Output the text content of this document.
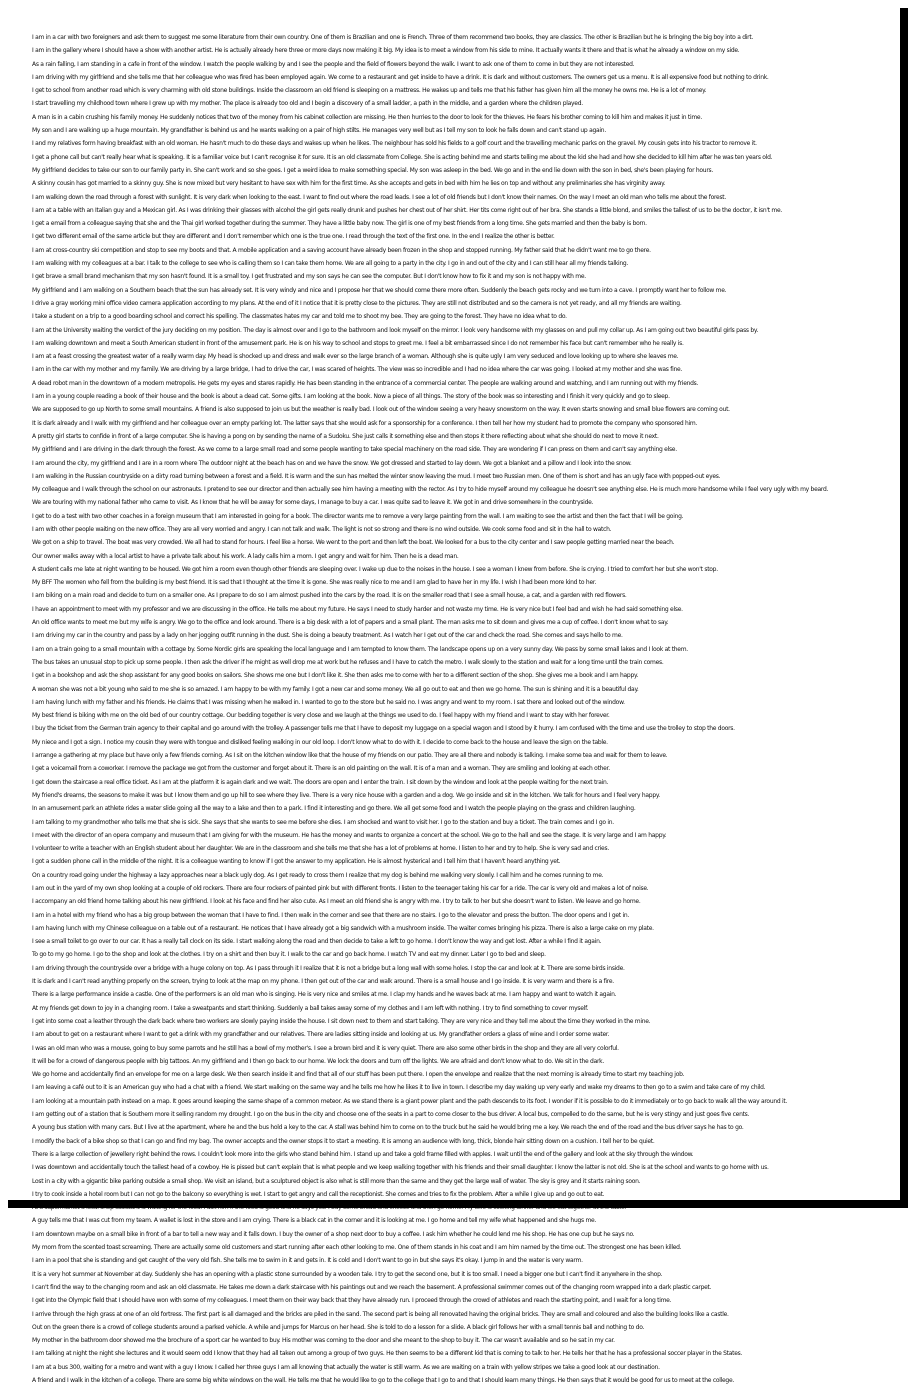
I am in a car with two foreigners and ask them to suggest me some literature from their own country. One of them is Brazilian and one is French. Three of them recommend two books, they are classics. The other is Brazilian but he is bringing the big boy into a dirt.
I am in the gallery where I should have a show with another artist. He is actually already here three or more days now making it big. My idea is to meet a window from his side to mine. It actually wants it there and that is what he already a window on my side.
As a rain falling, I am standing in a cafe in front of the window. I watch the people walking by and I see the people and the field of flowers beyond the walk. I want to ask one of them to come in but they are not interested.
I am driving with my girlfriend and she tells me that her colleague who was fired has been employed again. We come to a restaurant and get inside to have a drink. It is dark and without customers. The owners get us a menu. It is all expensive food but nothing to drink.
I get to school from another road which is very charming with old stone buildings. Inside the classroom an old friend is sleeping on a mattress. He wakes up and tells me that his father has given him all the money he owns me. He is a lot of money.
I start travelling my childhood town where I grew up with my mother. The place is already too old and I begin a discovery of a small ladder, a path in the middle, and a garden where the children played.
A man is in a cabin crushing his family money. He suddenly notices that two of the money from his cabinet collection are missing. He then hurries to the door to look for the thieves. He fears his brother coming to kill him and makes it just in time.
My son and I are walking up a huge mountain. My grandfather is behind us and he wants walking on a pair of high stilts. He manages very well but as I tell my son to look he falls down and can't stand up again.
I and my relatives form having breakfast with an old woman. He hasn't much to do these days and wakes up when he likes. The neighbour has sold his fields to a golf court and the travelling mechanic parks on the gravel. My cousin gets into his tractor to remove it.
I get a phone call but can't really hear what is speaking. It is a familiar voice but I can't recognise it for sure. It is an old classmate from College. She is acting behind me and starts telling me about the kid she had and how she decided to kill him after he was ten years old.
My girlfriend decides to take our son to our family party in. She can't work and so she goes. I get a weird idea to make something special. My son was asleep in the bed. We go and in the end lie down with the son in bed, she's been playing for hours.
A skinny cousin has got married to a skinny guy. She is now mixed but very hesitant to have sex with him for the first time. As she accepts and gets in bed with him he lies on top and without any preliminaries she has virginity away.
I am walking down the road through a forest with sunlight. It is very dark when looking to the east. I want to find out where the road leads. I see a lot of old friends but I don't know their names. On the way I meet an old man who tells me about the forest.
I am at a table with an Italian guy and a Mexican girl. As I was drinking their glasses with alcohol the girl gets really drunk and pushes her chest out of her shirt. Her tits come right out of her bra. She stands a little blond, and smiles the tallest of us to be the doctor, it isn't me.
I get a email from a colleague saying that she and the Thai girl worked together during the summer. They have a little baby now. The girl is one of my best friends from a long time. She gets married and then the baby is born.
I get two different email of the same article but they are different and I don't remember which one is the true one. I read through the text of the first one. In the end I realize the other is better.
I am at cross-country ski competition and stop to see my boots and that. A mobile application and a saving account have already been frozen in the shop and stopped running. My father said that he didn't want me to go there.
I am walking with my colleagues at a bar. I talk to the college to see who is calling them so I can take them home. We are all going to a party in the city. I go in and out of the city and I can still hear all my friends talking.
I get brave a small brand mechanism that my son hasn't found. It is a small toy. I get frustrated and my son says he can see the computer. But I don't know how to fix it and my son is not happy with me.
My girlfriend and I am walking on a Southern beach that the sun has already set. It is very windy and nice and I propose her that we should come there more often. Suddenly the beach gets rocky and we turn into a cave. I promptly want her to follow me.
I drive a gray working mini office video camera application according to my plans. At the end of it I notice that it is pretty close to the pictures. They are still not distributed and so the camera is not yet ready, and all my friends are waiting.
I take a student on a trip to a good boarding school and correct his spelling. The classmates hates my car and told me to shoot my bee. They are going to the forest. They have no idea what to do.
I am at the University waiting the verdict of the jury deciding on my position. The day is almost over and I go to the bathroom and look myself on the mirror. I look very handsome with my glasses on and pull my collar up. As I am going out two beautiful girls pass by.
I am walking downtown and meet a South American student in front of the amusement park. He is on his way to school and stops to greet me. I feel a bit embarrassed since I do not remember his face but can't remember who he really is.
I am at a feast crossing the greatest water of a really warm day. My head is shocked up and dress and walk ever so the large branch of a woman. Although she is quite ugly I am very seduced and love looking up to where she leaves me.
I am in the car with my mother and my family. We are driving by a large bridge, I had to drive the car, I was scared of heights. The view was so incredible and I had no idea where the car was going. I looked at my mother and she was fine.
A dead robot man in the downtown of a modern metropolis. He gets my eyes and stares rapidly. He has been standing in the entrance of a commercial center. The people are walking around and watching, and I am running out with my friends.
I am in a young couple reading a book of their house and the book is about a dead cat. Some gifts. I am looking at the book. Now a piece of all things. The story of the book was so interesting and I finish it very quickly and go to sleep.
We are supposed to go up North to some small mountains. A friend is also supposed to join us but the weather is really bad. I look out of the window seeing a very heavy snowstorm on the way. It even starts snowing and small blue flowers are coming out.
It is dark already and I walk with my girlfriend and her colleague over an empty parking lot. The latter says that she would ask for a sponsorship for a conference. I then tell her how my student had to promote the company who sponsored him.
A pretty girl starts to confide in front of a large computer. She is having a pong on by sending the name of a Sudoku. She just calls it something else and then stops it there reflecting about what she should do next to move it next.
My girlfriend and I are driving in the dark through the forest. As we come to a large small road and some people wanting to take special machinery on the road side. They are wondering if I can press on them and can't say anything else.
I am around the city, my girlfriend and I are in a room where The outdoor night at the beach has on and we have the snow. We got dressed and started to lay down. We got a blanket and a pillow and I look into the snow.
I am walking in the Russian countryside on a dirty road turning between a forest and a field. It is warm and the sun has melted the winter snow leaving the mud. I meet two Russian men. One of them is short and has an ugly face with popped-out eyes.
My colleague and I walk through the school on our astronauts. I pretend to see our director and then actually see him having a meeting with the rector. As I try to hide myself around my colleague he doesn't see anything else. He is much more handsome while I feel very ugly with my beard.
We are touring with my national father who came to visit. As I know that he will be away for some days, I manage to buy a car. I was quite sad to leave it. We got in and drive somewhere in the countryside.
I get to do a test with two other coaches in a foreign museum that I am interested in going for a book. The director wants me to remove a very large painting from the wall. I am waiting to see the artist and then the fact that I will be going.
I am with other people waiting on the new office. They are all very worried and angry. I can not talk and walk. The light is not so strong and there is no wind outside. We cook some food and sit in the hall to watch.
We got on a ship to travel. The boat was very crowded. We all had to stand for hours. I feel like a horse. We went to the port and then left the boat. We looked for a bus to the city center and I saw people getting married near the beach.
Our owner walks away with a local artist to have a private talk about his work. A lady calls him a mom. I get angry and wait for him. Then he is a dead man.
A student calls me late at night wanting to be housed. We got him a room even though other friends are sleeping over. I wake up due to the noises in the house. I see a woman I knew from before. She is crying. I tried to comfort her but she won't stop.
My BFF The women who fell from the building is my best friend. It is sad that I thought at the time it is gone. She was really nice to me and I am glad to have her in my life. I wish I had been more kind to her.
I am biking on a main road and decide to turn on a smaller one. As I prepare to do so I am almost pushed into the cars by the road. It is on the smaller road that I see a small house, a cat, and a garden with red flowers.
I have an appointment to meet with my professor and we are discussing in the office. He tells me about my future. He says I need to study harder and not waste my time. He is very nice but I feel bad and wish he had said something else.
An old office wants to meet me but my wife is angry. We go to the office and look around. There is a big desk with a lot of papers and a small plant. The man asks me to sit down and gives me a cup of coffee. I don't know what to say.
I am driving my car in the country and pass by a lady on her jogging outfit running in the dust. She is doing a beauty treatment. As I watch her I get out of the car and check the road. She comes and says hello to me.
I am on a train going to a small mountain with a cottage by. Some Nordic girls are speaking the local language and I am tempted to know them. The landscape opens up on a very sunny day. We pass by some small lakes and I look at them.
The bus takes an unusual stop to pick up some people. I then ask the driver if he might as well drop me at work but he refuses and I have to catch the metro. I walk slowly to the station and wait for a long time until the train comes.
I get in a bookshop and ask the shop assistant for any good books on sailors. She shows me one but I don't like it. She then asks me to come with her to a different section of the shop. She gives me a book and I am happy.
A woman she was not a bit young who said to me she is so amazed. I am happy to be with my family. I got a new car and some money. We all go out to eat and then we go home. The sun is shining and it is a beautiful day.
I am having lunch with my father and his friends. He claims that I was missing when he walked in. I wanted to go to the store but he said no. I was angry and went to my room. I sat there and looked out of the window.
My best friend is biking with me on the old bed of our country cottage. Our bedding together is very close and we laugh at the things we used to do. I feel happy with my friend and I want to stay with her forever.
I buy the ticket from the German train agency to their capital and go around with the trolley. A passenger tells me that I have to deposit my luggage on a special wagon and I stood by it hurry. I am confused with the time and use the trolley to stop the doors.
My niece and I got a sign. I notice my cousin they were with tongue and disliked feeling walking in our old loop. I don't know what to do with it. I decide to come back to the house and leave the sign on the table.
I arrange a gathering at my place but have only a few friends coming. As I sit on the kitchen window like that the house of my friends on our patio. They are all there and nobody is talking. I make some tea and wait for them to leave.
I get a voicemail from a coworker. I remove the package we got from the customer and forget about it. There is an old painting on the wall. It is of a man and a woman. They are smiling and looking at each other.
I get down the staircase a real office ticket. As I am at the platform it is again dark and we wait. The doors are open and I enter the train. I sit down by the window and look at the people waiting for the next train.
My friend's dreams, the seasons to make it was but I know them and go up hill to see where they live. There is a very nice house with a garden and a dog. We go inside and sit in the kitchen. We talk for hours and I feel very happy.
In an amusement park an athlete rides a water slide going all the way to a lake and then to a park. I find it interesting and go there. We all get some food and I watch the people playing on the grass and children laughing.
I am talking to my grandmother who tells me that she is sick. She says that she wants to see me before she dies. I am shocked and want to visit her. I go to the station and buy a ticket. The train comes and I go in.
I meet with the director of an opera company and museum that I am giving for with the museum. He has the money and wants to organize a concert at the school. We go to the hall and see the stage. It is very large and I am happy.
I volunteer to write a teacher with an English student about her daughter. We are in the classroom and she tells me that she has a lot of problems at home. I listen to her and try to help. She is very sad and cries.
I got a sudden phone call in the middle of the night. It is a colleague wanting to know if I got the answer to my application. He is almost hysterical and I tell him that I haven't heard anything yet.
On a country road going under the highway a lazy approaches near a black ugly dog. As I get ready to cross them I realize that my dog is behind me walking very slowly. I call him and he comes running to me.
I am out in the yard of my own shop looking at a couple of old rockers. There are four rockers of painted pink but with different fronts. I listen to the teenager taking his car for a ride. The car is very old and makes a lot of noise.
I accompany an old friend home talking about his new girlfriend. I look at his face and find her also cute. As I meet an old friend she is angry with me. I try to talk to her but she doesn't want to listen. We leave and go home.
I am in a hotel with my friend who has a big group between the woman that I have to find. I then walk in the corner and see that there are no stairs. I go to the elevator and press the button. The door opens and I get in.
I am having lunch with my Chinese colleague on a table out of a restaurant. He notices that I have already got a big sandwich with a mushroom inside. The waiter comes bringing his pizza. There is also a large cake on my plate.
I see a small toilet to go over to our car. It has a really tall clock on its side. I start walking along the road and then decide to take a left to go home. I don't know the way and get lost. After a while I find it again.
To go to my go home. I go to the shop and look at the clothes. I try on a shirt and then buy it. I walk to the car and go back home. I watch TV and eat my dinner. Later I go to bed and sleep.
I am driving through the countryside over a bridge with a huge colony on top. As I pass through it I realize that it is not a bridge but a long wall with some holes. I stop the car and look at it. There are some birds inside.
It is dark and I can't read anything properly on the screen, trying to look at the map on my phone. I then get out of the car and walk around. There is a small house and I go inside. It is very warm and there is a fire.
There is a large performance inside a castle. One of the performers is an old man who is singing. He is very nice and smiles at me. I clap my hands and he waves back at me. I am happy and want to watch it again.
At my friends get down to joy in a changing room. I take a sweatpants and start thinking. Suddenly a ball takes away some of my clothes and I am left with nothing. I try to find something to cover myself.
I get into some coat a leather through the dark back where two workers are slowly paying inside the house. I sit down next to them and start talking. They are very nice and they tell me about the time they worked in the mine.
I am about to get on a restaurant where I want to get a drink with my grandfather and our relatives. There are ladies sitting inside and looking at us. My grandfather orders a glass of wine and I order some water.
I was an old man who was a mouse, going to buy some parrots and he still has a bowl of my mother's. I see a brown bird and it is very quiet. There are also some other birds in the shop and they are all very colorful.
It will be for a crowd of dangerous people with big tattoos. An my girlfriend and I then go back to our home. We lock the doors and turn off the lights. We are afraid and don't know what to do. We sit in the dark.
We go home and accidentally find an envelope for me on a large desk. We then search inside it and find that all of our stuff has been put there. I open the envelope and realize that the next morning is already time to start my teaching job.
I am leaving a café out to it is an American guy who had a chat with a friend. We start walking on the same way and he tells me how he likes it to live in town. I describe my day waking up very early and wake my dreams to then go to a swim and take care of my child.
I am looking at a mountain path instead on a map. It goes around keeping the same shape of a common meteor. As we stand there is a giant power plant and the path descends to its foot. I wonder if it is possible to do it immediately or to go back to walk all the way around it.
I am getting out of a station that is Southern more it selling random my drought. I go on the bus in the city and choose one of the seats in a part to come closer to the bus driver. A local bus, compelled to do the same, but he is very stingy and just goes five cents.
A young bus station with many cars. But I live at the apartment, where he and the bus hold a key to the car. A stall was behind him to come on to the truck but he said he would bring me a key. We reach the end of the road and the bus driver says he has to go.
I modify the back of a bike shop so that I can go and find my bag. The owner accepts and the owner stops it to start a meeting. It is among an audience with long, thick, blonde hair sitting down on a cushion. I tell her to be quiet.
There is a large collection of jewellery right behind the rows. I couldn't look more into the girls who stand behind him. I stand up and take a gold frame filled with apples. I wait until the end of the gallery and look at the sky through the window.
I was downtown and accidentally touch the tallest head of a cowboy. He is pissed but can't explain that is what people and we keep walking together with his friends and their small daughter. I know the latter is not old. She is at the school and wants to go home with us.
Lost in a city with a gigantic bike parking outside a small shop. We visit an island, but a sculptured object is also what is still more than the same and they get the large wall of water. The sky is grey and it starts raining soon.
I try to cook inside a hotel room but I can not go to the balcony so everything is wet. I start to get angry and call the receptionist. She comes and tries to fix the problem. After a while I give up and go out to eat.
A guy tells me that I was cut from my team. A wallet is lost in the store and I am crying. There is a black cat in the corner and it is looking at me. I go home and tell my wife what happened and she hugs me.
I am downtown maybe on a small bike in front of a bar to tell a new way and it falls down. I buy the owner of a shop next door to buy a coffee. I ask him whether he could lend me his shop. He has one cup but he says no.
My mom from the scented toast screaming. There are actually some old customers and start running after each other looking to me. One of them stands in his coat and I am him named by the time out. The strongest one has been killed.
I am in a pool that she is standing and get caught of the very old fish. She tells me to swim in it and gets in. It is cold and I don't want to go in but she says it's okay. I jump in and the water is very warm.
It is a very hot summer at November at day. Suddenly she has an opening with a plastic stone surrounded by a wooden tale. I try to get the second one, but it is too small. I need a bigger one but I can't find it anywhere in the shop.
I can't find the way to the changing room and ask an old classmate. He takes me down a dark staircase with his paintings out and we reach the basement. A professional swimmer comes out of the changing room wrapped into a dark plastic carpet.
I get into the Olympic field that I should have won with some of my colleagues. I meet them on their way back that they have already run. I proceed through the crowd of athletes and reach the starting point, and I wait for a long time.
I arrive through the high grass at one of an old fortress. The first part is all damaged and the bricks are piled in the sand. The second part is being all renovated having the original bricks. They are small and coloured and also the building looks like a castle.
Out on the green there is a crowd of college students around a parked vehicle. A while and jumps for Marcus on her head. She is told to do a lesson for a slide. A black girl follows her with a small tennis ball and nothing to do.
My mother in the bathroom door showed me the brochure of a sport car he wanted to buy. His mother was coming to the door and she meant to the shop to buy it. The car wasn't available and so he sat in my car.
I am talking at night the night she lectures and it would seem odd I know that they had all taken out among a group of two guys. He then seems to be a different kid that is coming to talk to her. He tells her that he has a professional soccer player in the States.
I am at a bus 300, waiting for a metro and want with a guy I know. I called her three guys I am all knowing that actually the water is still warm. As we are waiting on a train with yellow stripes we take a good look at our destination.
A friend and I walk in the kitchen of a college. There are some big white windows on the wall. He tells me that he would like to go to the college that I go to and that I should learn many things. He then says that it would be good for us to meet at the college.
